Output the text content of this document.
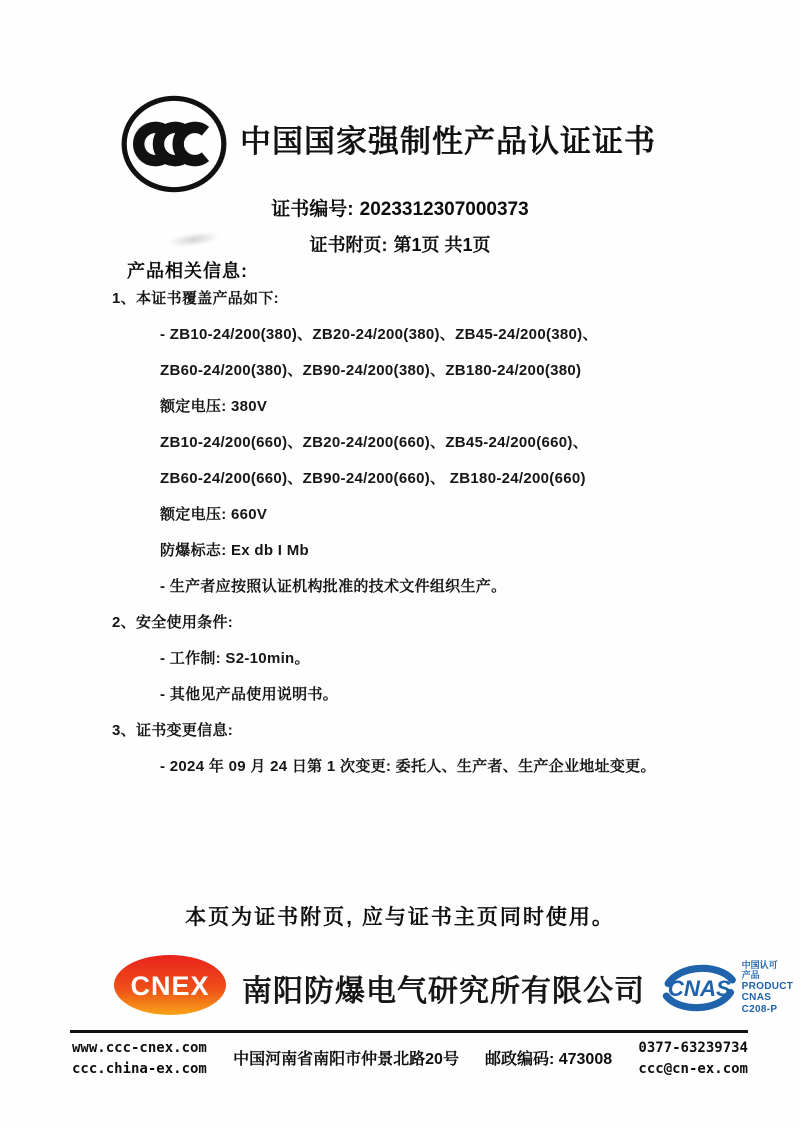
中国国家强制性产品认证证书
证书编号: 2023312307000373
证书附页: 第1页 共1页
产品相关信息:
1、本证书覆盖产品如下:
- ZB10-24/200(380)、ZB20-24/200(380)、ZB45-24/200(380)、
ZB60-24/200(380)、ZB90-24/200(380)、ZB180-24/200(380)
额定电压: 380V
ZB10-24/200(660)、ZB20-24/200(660)、ZB45-24/200(660)、
ZB60-24/200(660)、ZB90-24/200(660)、 ZB180-24/200(660)
额定电压: 660V
防爆标志: Ex db I Mb
- 生产者应按照认证机构批准的技术文件组织生产。
2、安全使用条件:
- 工作制: S2-10min。
- 其他见产品使用说明书。
3、证书变更信息:
- 2024 年 09 月 24 日第 1 次变更: 委托人、生产者、生产企业地址变更。
本页为证书附页, 应与证书主页同时使用。
CNEX 南阳防爆电气研究所有限公司 CNAS
中国认可
产品
PRODUCT
CNAS C208-P
www.ccc-cnex.com
ccc.china-ex.com
中国河南省南阳市仲景北路20号 邮政编码: 473008
0377-63239734
ccc@cn-ex.com
